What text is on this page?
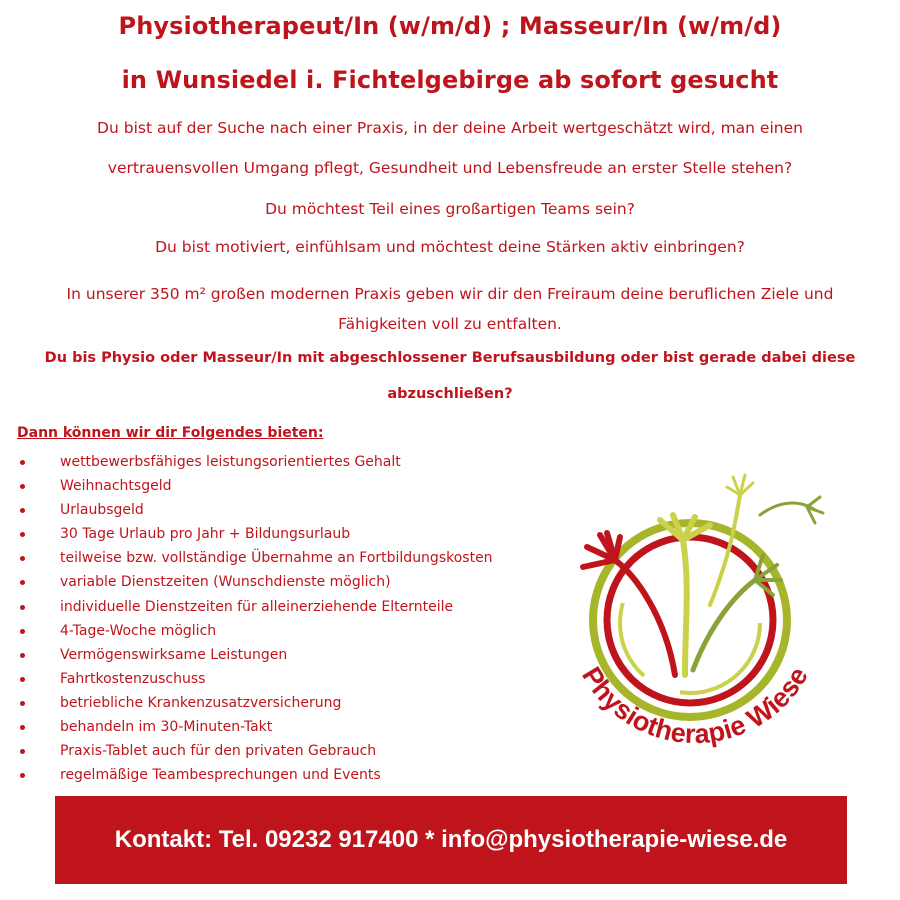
Physiotherapeut/In (w/m/d) ; Masseur/In (w/m/d)
in Wunsiedel i. Fichtelgebirge ab sofort gesucht
Du bist auf der Suche nach einer Praxis, in der deine Arbeit wertgeschätzt wird, man einen
vertrauensvollen Umgang pflegt, Gesundheit und Lebensfreude an erster Stelle stehen?
Du möchtest Teil eines großartigen Teams sein?
Du bist motiviert, einfühlsam und möchtest deine Stärken aktiv einbringen?
In unserer 350 m² großen modernen Praxis geben wir dir den Freiraum deine beruflichen Ziele und
Fähigkeiten voll zu entfalten.
Du bis Physio oder Masseur/In mit abgeschlossener Berufsausbildung oder bist gerade dabei diese
abzuschließen?
Dann können wir dir Folgendes bieten:
wettbewerbsfähiges leistungsorientiertes Gehalt
Weihnachtsgeld
Urlaubsgeld
30 Tage Urlaub pro Jahr + Bildungsurlaub
teilweise bzw. vollständige Übernahme an Fortbildungskosten
variable Dienstzeiten (Wunschdienste möglich)
individuelle Dienstzeiten für alleinerziehende Elternteile
4-Tage-Woche möglich
Vermögenswirksame Leistungen
Fahrtkostenzuschuss
betriebliche Krankenzusatzversicherung
behandeln im 30-Minuten-Takt
Praxis-Tablet auch für den privaten Gebrauch
regelmäßige Teambesprechungen und Events
Physiotherapie Wiese
Kontakt: Tel. 09232 917400 * info@physiotherapie-wiese.de
